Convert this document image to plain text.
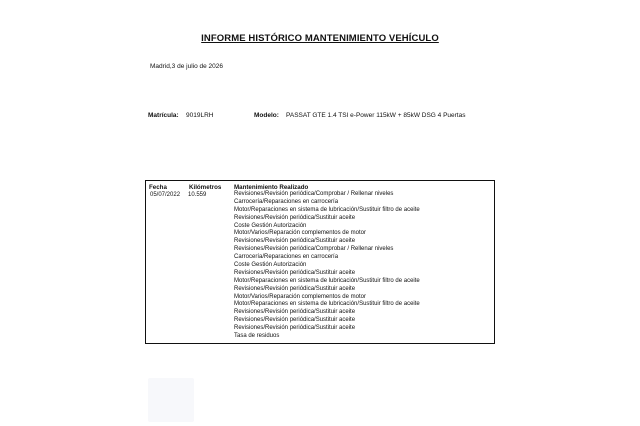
INFORME HISTÓRICO MANTENIMIENTO VEHÍCULO
Madrid,3 de julio de 2026
Matrícula: 9019LRH	Modelo: PASSAT GTE 1.4 TSI e-Power 115kW + 85kW DSG 4 Puertas
Fecha	Kilómetros Mantenimiento Realizado
05/07/2022 10.559	Revisiones/Revisión periódica/Comprobar / Rellenar niveles
Carrocería/Reparaciones en carrocería
Motor/Reparaciones en sistema de lubricación/Sustituir filtro de aceite
Revisiones/Revisión periódica/Sustituir aceite
Coste Gestión Autorización
Motor/Varios/Reparación complementos de motor
Revisiones/Revisión periódica/Sustituir aceite
Revisiones/Revisión periódica/Comprobar / Rellenar niveles
Carrocería/Reparaciones en carrocería
Coste Gestión Autorización
Revisiones/Revisión periódica/Sustituir aceite
Motor/Reparaciones en sistema de lubricación/Sustituir filtro de aceite
Revisiones/Revisión periódica/Sustituir aceite
Motor/Varios/Reparación complementos de motor
Motor/Reparaciones en sistema de lubricación/Sustituir filtro de aceite
Revisiones/Revisión periódica/Sustituir aceite
Revisiones/Revisión periódica/Sustituir aceite
Revisiones/Revisión periódica/Sustituir aceite
Tasa de residuos
